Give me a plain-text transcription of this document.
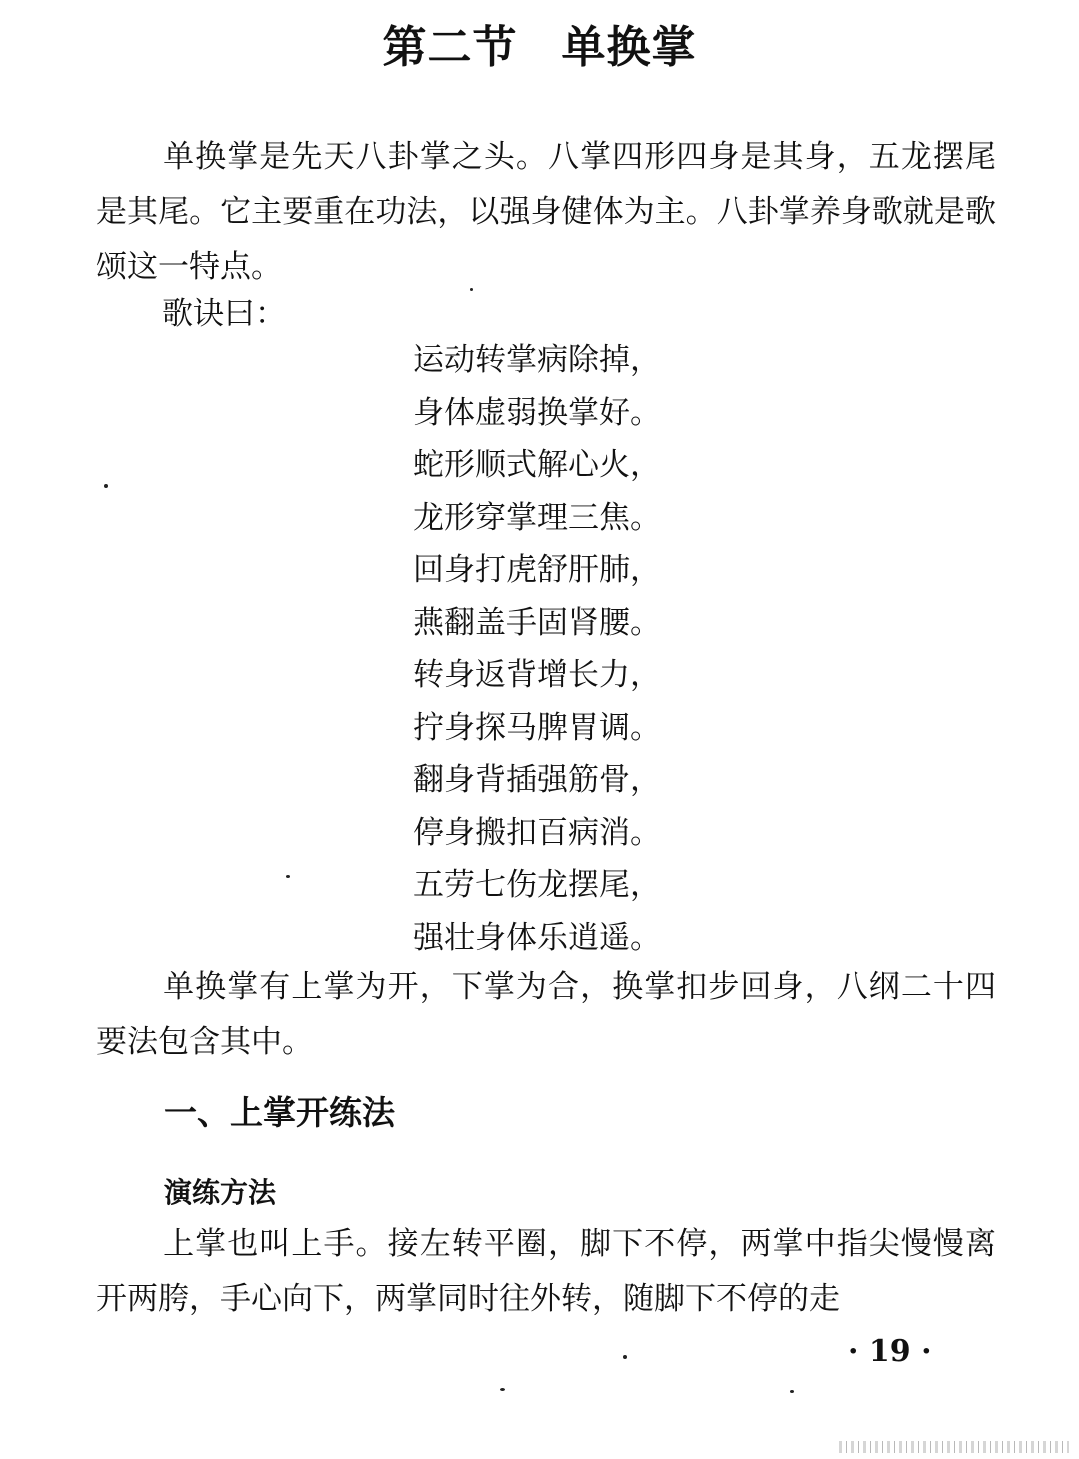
第二节 单换掌

单换掌是先天八卦掌之头。八掌四形四身是其身，五龙摆尾是其尾。它主要重在功法，以强身健体为主。八卦掌养身歌就是歌颂这一特点。

歌诀曰：

运动转掌病除掉，
身体虚弱换掌好。
蛇形顺式解心火，
龙形穿掌理三焦。
回身打虎舒肝肺，
燕翻盖手固肾腰。
转身返背增长力，
拧身探马脾胃调。
翻身背插强筋骨，
停身搬扣百病消。
五劳七伤龙摆尾，
强壮身体乐逍遥。

单换掌有上掌为开，下掌为合，换掌扣步回身，八纲二十四要法包含其中。

一、上掌开练法
演练方法

上掌也叫上手。接左转平圈，脚下不停，两掌中指尖慢慢离开两胯，手心向下，两掌同时往外转，随脚下不停的走

· 19 ·
